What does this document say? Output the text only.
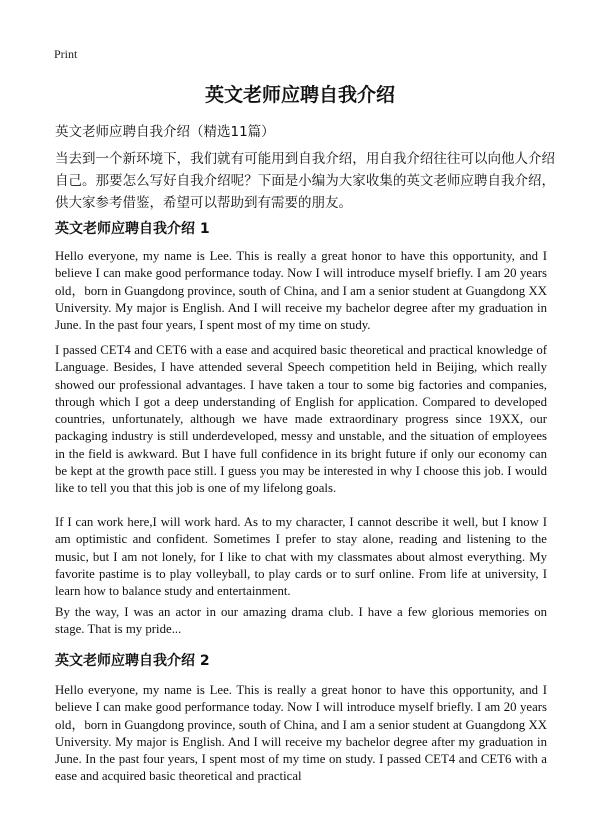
Print
英文老师应聘自我介绍
英文老师应聘自我介绍（精选11篇）
当去到一个新环境下，我们就有可能用到自我介绍，用自我介绍往往可以向他人介绍自己。那要怎么写好自我介绍呢？下面是小编为大家收集的英文老师应聘自我介绍，供大家参考借鉴，希望可以帮助到有需要的朋友。
英文老师应聘自我介绍 1
Hello everyone, my name is Lee. This is really a great honor to have this opportunity, and I believe I can make good performance today. Now I will introduce myself briefly. I am 20 years old，born in Guangdong province, south of China, and I am a senior student at Guangdong XX University. My major is English. And I will receive my bachelor degree after my graduation in June. In the past four years, I spent most of my time on study.
I passed CET4 and CET6 with a ease and acquired basic theoretical and practical knowledge of Language. Besides, I have attended several Speech competition held in Beijing, which really showed our professional advantages. I have taken a tour to some big factories and companies, through which I got a deep understanding of English for application. Compared to developed countries, unfortunately, although we have made extraordinary progress since 19XX, our packaging industry is still underdeveloped, messy and unstable, and the situation of employees in the field is awkward. But I have full confidence in its bright future if only our economy can be kept at the growth pace still. I guess you may be interested in why I choose this job. I would like to tell you that this job is one of my lifelong goals.
If I can work here,I will work hard. As to my character, I cannot describe it well, but I know I am optimistic and confident. Sometimes I prefer to stay alone, reading and listening to the music, but I am not lonely, for I like to chat with my classmates about almost everything. My favorite pastime is to play volleyball, to play cards or to surf online. From life at university, I learn how to balance study and entertainment.
By the way, I was an actor in our amazing drama club. I have a few glorious memories on stage. That is my pride...
英文老师应聘自我介绍 2
Hello everyone, my name is Lee. This is really a great honor to have this opportunity, and I believe I can make good performance today. Now I will introduce myself briefly. I am 20 years old，born in Guangdong province, south of China, and I am a senior student at Guangdong XX University. My major is English. And I will receive my bachelor degree after my graduation in June. In the past four years, I spent most of my time on study. I passed CET4 and CET6 with a ease and acquired basic theoretical and practical
